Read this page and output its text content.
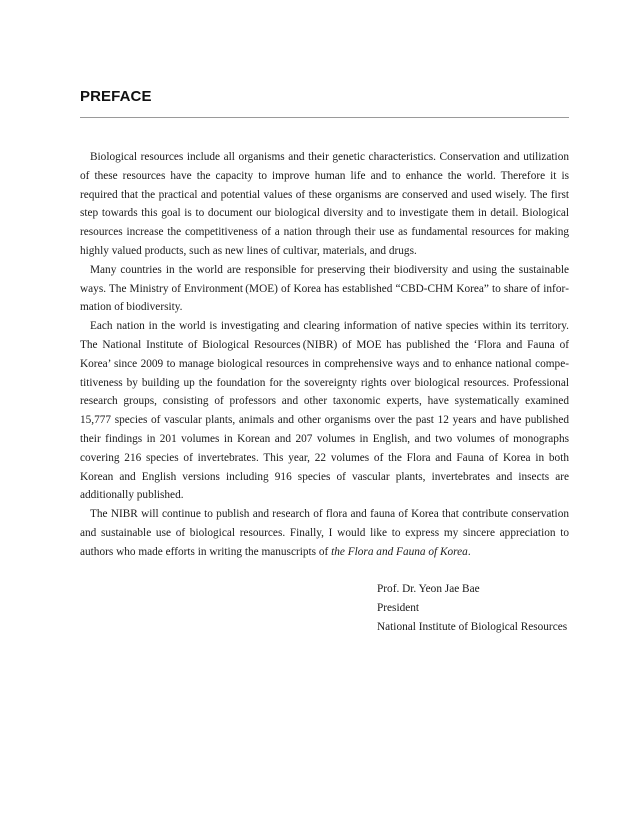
PREFACE

Biological resources include all organisms and their genetic characteristics. Conservation and utilization of these resources have the capacity to improve human life and to enhance the world. Therefore it is required that the practical and potential values of these organisms are conserved and used wisely. The first step towards this goal is to document our biological diversity and to investigate them in detail. Biological resources increase the competitiveness of a nation through their use as fundamental resources for making highly valued products, such as new lines of cultivar, materials, and drugs.

Many countries in the world are responsible for preserving their biodiversity and using the sustainable ways. The Ministry of Environment (MOE) of Korea has established “CBD-CHM Korea” to share of information of biodiversity.

Each nation in the world is investigating and clearing information of native species within its territory. The National Institute of Biological Resources (NIBR) of MOE has published the ‘Flora and Fauna of Korea’ since 2009 to manage biological resources in comprehensive ways and to enhance national competitiveness by building up the foundation for the sovereignty rights over biological resources. Professional research groups, consisting of professors and other taxonomic experts, have systematically examined 15,777 species of vascular plants, animals and other organisms over the past 12 years and have published their findings in 201 volumes in Korean and 207 volumes in English, and two volumes of monographs covering 216 species of invertebrates. This year, 22 volumes of the Flora and Fauna of Korea in both Korean and English versions including 916 species of vascular plants, invertebrates and insects are additionally published.

The NIBR will continue to publish and research of flora and fauna of Korea that contribute conservation and sustainable use of biological resources. Finally, I would like to express my sincere appreciation to authors who made efforts in writing the manuscripts of the Flora and Fauna of Korea.

Prof. Dr. Yeon Jae Bae
President
National Institute of Biological Resources
